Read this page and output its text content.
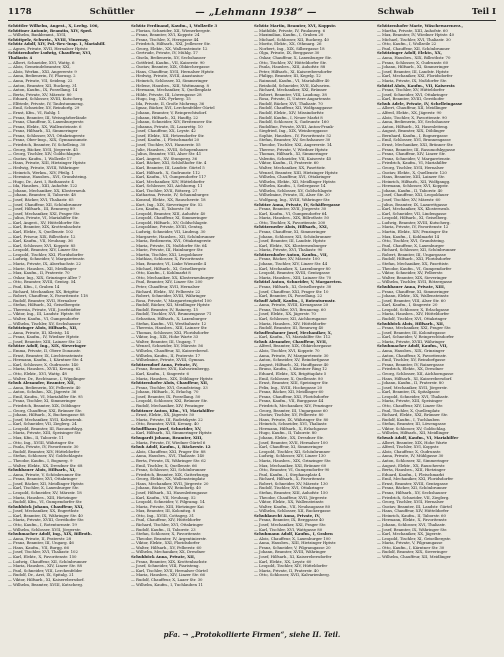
1178	Schüttler	— „Lehmann 1938“ —	Schwab	Teil I
Schüttler Wilhelm, Angest., X, Leebg. 106,
Schüttner Antonie, Beamtin, XIV, Sped.
— Wilhelm, Bankbeamt., XVII,
Schüttpelz, Schweiz., XVIII, Vinzenzg.
Schütz Adolf, XIV, Pol.-Rev.-Insp. 1, Mariahilf.
— Agnes, Private, XVII, Hernalser Hptstr.
Schützenhofer Ludwig, Chauffeur, XVI,
Thaliastr. 4
— Albert, Schneider, XVI, Wattg. 6
— Alois, Gemeindebeamter, XXI,
— Alois, Werkm., XXI, Angererstr. 9
— Anna, Bedienerin, IV, Phorusg. 2
— Anna, Private, VII, Seideng. 22
— Anton, Beamter, XII, Ruckerg. 31
— Anton, Kaufm., IX, Porzellang. 14
— Berta, Private, XV, Märzstr. 80
— Eduard, Schlosser, XVIII, Kutscherg.
— Elfriede, Private, IV, Taubstummeng.
— Emil, Schneider, XV, Reindorfg. 29
— Ernst, Kfm., VI, Rahlg. 1
— Franz, Beamter, III, Weissgärberlände
— Franz, Chauffeur, X, Laxenburgerstr.
— Franz, Elektr., XX, Wallensteinstr. 6
— Franz, Hilfsarb., XI, Simmeringer
— Franz, Schlosser, XVI, Ottakringerstr.
— Franz, Ober-Insp., XIX, Gymnasiumstr.
— Friedrich, Beamter, IV, Schelleing. 30
— Georg, Bäcker, XVII, Jörgerstr. 45
— Georg, Tischler, XIV, Goldschlagstr.
— Gustav, Kaufm., I, Wollzeile 17
— Hans, Private, XIII, Hietzinger Hptstr.
— Hedwig, Private, XVIII, Währinger
— Heinrich, Werkm., XIV, Pfeilg. 1
— Hermine, Hausbes., XVI, Grundsteing.
— Hugo, Dr., Arzt, I, Rathausstr. 4
— Ida, Hausbes., XIII, Auhofstr. 122
— Johann, Mechaniker, XX, Klosterneub.
— Johann, Beamter, II, Taborstr. 48
— Josef, Bäcker, XVI, Thaliastr. 65
— Josef, Chauffeur, XII, Schönbrunner
— Josef, Hilfsarb., III, Rennweg 89
— Josef, Mechaniker, XXI, Prager Str.
— Julius, Private, VI, Mariahilfer Str.
— Karl, Angest., XV, Hütteldorfer Str.
— Karl, Beamter, XIX, Krottenbachstr.
— Karl, Elektr., X, Quellenstr. 102
— Karl, Friseur, XIX, Billrothstr. 12
— Karl, Kaufm., VII, Neubaug. 36
— Karl, Schlosser, XVI, Koppstr. 85
— Leopold, Beamter, XIV, Linzer Str.
— Leopold, Tischler, XXI, Floridsdorfer
— Ludwig, Schneider, V, Margaretenstr.
— Maria, Private, IX, Alserbachstr. 22
— Marie, Hausbes., XII, Meidlinger
— Max, Kaufm., II, Praterstr. 70
— Oskar, Ing., XIX, Grinzinger Allee 7
— Otto, Beamter, XVIII, Gentzg. 54
— Paul, Kfm., I, Graben 14
— Richard, Mechaniker, XX, Brigitta-
— Robert, Chauffeur, X, Favoritenstr. 118
— Rudolf, Beamter, XVII, Hernalser
— Stefan, Hilfsarb., XI, Geiselbergstr.
— Theresia, Private, VIII, Josefstädter
— Viktor, Ing., III, Landstr. Hptstr. 98
— Walter, Kaufm., VI, Gumpendorfer
— Wilhelm, Tischler, XV, Sechshauser
Schützinger Alois, Hilfsarb., XII,
— Anna, Private, III, Kleistg. 14
— Franz, Kaufm., IV, Wiedner Hptstr.
— Josef, Beamter, XIII, Lainzer Str. 22
Schütze Adolf, Ing., XIX, Sieveringer
— Emma, Private, II, Obere Donaustr.
— Ernst, Beamter, IX, Liechtensteinstr.
— Hermann, Kaufm., I, Kärntner Str. 4
— Karl, Schlosser, X, Gudrunstr. 140
— Maria, Hausbes., XVIII, Kreuzg. 62
— Otto, Elektr., XVI, Wattg. 48
— Walter, Dr., Rechtsanw., I, Wipplinger
Schuh Alexander, Beamter, XII,
— Anna, Bedienerin, XV, Felberstr. 40
— Anton, Schuhm., XX, Jägerstr. 36
— Emil, Kaufm., VI, Mariahilfer Str. 95
— Franz, Tischler, XI, Simmeringer
— Friedrich, Beamter, XIX, Döblinger
— Georg, Chauffeur, XXI, Brünner Str.
— Johann, Hilfsarb., X, Buchengasse 88
— Josef, Mechaniker, XVII, Kalvarienb.
— Karl, Schneider, VII, Zieglerg. 24
— Leopold, Beamter, III, Rasumofskyg.
— Maria, Private, XIII, Speisinger Str.
— Max, Kfm., II, Taborstr. 11
— Otto, Ing., XVIII, Währinger Str.
— Paula, Private, IV, Favoritenstr. 30
— Rudolf, Beamter, XIV, Hütteldorfer
— Stefan, Schlosser, XV, Goldschlagstr.
— Theodor, Kaufm., I, Bognerg. 9
— Walter, Elektr., XX, Dresdner Str. 68
Schuhbauer Alois, Hilfsarb., XI,
— Anna, Private, V, Schönbrunner Str.
— Franz, Beamter, XVI, Ottakringer
— Josef, Bäcker, XII, Meidlinger Hptstr.
— Karl, Tischler, X, Laxenburger Str.
— Leopold, Schneider, XV, Märzstr. 18
— Maria, Hausbes., XIII, Hietzinger
— Rudolf, Kfm., VI, Gumpendorfer Str.
Schuhböck Johann, Chauffeur, XXI,
— Josef, Mechaniker, XX, Engerthstr.
— Karl, Beamter, IX, Währinger Str. 40
— Maria, Private, XVIII, Gersthofer Str.
— Otto, Kaufm., I, Rotenturmstr. 19
— Wilhelm, Schlosser, XVII, Jörgerstr.
Schuhmacher Adolf, Ing., XIX, Billroth.
— Anna, Private, II, Praterstr. 28
— Franz, Beamter, III, Ungarg. 46
— Hans, Kaufm., VII, Burgg. 66
— Josef, Tischler, XVI, Thaliastr. 102
— Karl, Elektr., X, Favoritenstr. 150
— Ludwig, Chauffeur, XII, Schönbrunner
— Maria, Hausbes., XIV, Linzer Str. 88
— Paul, Schneider, VIII, Lerchenfelder
— Rudolf, Dr., Arzt, IX, Spitalg. 21
— Viktor, Hilfsarb., XI, Kaiserebersdorf.
— Wilhelm, Beamter, XVIII, Kutscherg.
Schütz Ferdinand, Kaufm., I, Wollzeile 3
— Florian, Schneider, XII, Wienerbergstr.
— Franz, Beamter, XVI, Koppstr. 24
— Franz, Tischler, X, Herzgasse 44
— Friedrich, Hilfsarb., XXI, Jedleseer Str.
— Georg, Elektr., XX, Wallensteinstr. 12
— Gertrude, Private, IV, Mühlg. 17
— Gisela, Bedienerin, XV, Sechshauser
— Gottfried, Kaufm., VII, Kaiserstr. 90
— Gustav, Beamter, XIX, Obkirchergasse
— Hans, Chauffeur, XVII, Hernalser Hptstr.
— Hedwig, Private, XVIII, Anastasius-
— Heinrich, Schlosser, XI, Simmeringer
— Helene, Hausbes., XIII, Wattmanng. 8
— Hermann, Mechaniker, X, Quellenplatz
— Hilde, Private, III, Löwengasse 28
— Hugo, Ing., XIX, Pyrkerg. 15
— Ida, Private, II, Große Mohreng. 36
— Ignaz, Bäcker, XVI, Lerchenfelder Gürtel
— Johann, Beamter, V, Reinprechtsdorf.
— Johann, Hilfsarb., XI, Hauffg. 22
— Johann, Schneider, XIV, Breitenseer Str.
— Johanna, Private, IX, Lazarettg. 10
— Josef, Chauffeur, XX, Leystr. 42
— Josef, Elektr., XII, Hetzendorfer Str.
— Josef, Kaufm., I, Fleischmarkt 20
— Josef, Tischler, XVI, Hasnerstr. 55
— Julie, Hausbes., XVIII, Schopenhauer.
— Julius, Beamter, VIII, Alser Str. 41
— Karl, Angest., XV, Stumperg. 36
— Karl, Bäcker, XXI, Schloßhofer Str. 4
— Karl, Beamter, III, Landstr. Gürtel 5
— Karl, Hilfsarb., X, Gudrunstr. 112
— Karl, Kaufm., VI, Gumpendorfer 117
— Karl, Mechaniker, XIV, Hütteldorfer
— Karl, Schlosser, XII, Aichhorng. 11
— Karl, Tischler, XVII, Rötzerg. 27
— Katharina, Private, IV, Schaumburger.
— Konrad, Elektr., XX, Rauscherstr. 18
— Kurt, Ing., XIX, Sieveringer Str. 52
— Leo, Kaufm., II, Taborstr. 56
— Leopold, Beamter, XIII, Auhofstr. 40
— Leopold, Chauffeur, XI, Simmeringer
— Leopold, Hilfsarb., XV, Goldschlagstr.
— Leopoldine, Private, XVIII, Gentzg.
— Ludwig, Schneider, VII, Lindeng. 30
— Margarete, Hausbes., XII, Schönbrunner
— Maria, Bedienerin, XVI, Ottakringerstr.
— Maria, Private, IX, Nußdorfer Str. 64
— Marie, Private, III, Hainburger Str.
— Martin, Tischler, XXI, Leopoldauer
— Mathias, Schlosser, X, Favoritenstr.
— Max, Beamter, VI, Linke Wienzeile 4
— Michael, Hilfsarb., XI, Geiselbergstr.
— Otto, Kaufm., I, Kohlmarkt 8
— Otto, Mechaniker, XX, Klosterneuburger
— Paul, Beamter, XIV, Linzer Str. 200
— Peter, Chauffeur, XVII, Hernalser
— Richard, Elektr., XV, Felberstr. 22
— Robert, Schneider, XVIII, Währinger
— Rosa, Private, V, Margaretengürtel 100
— Rudolf, Bäcker, XII, Meidlinger Hptstr.
— Rudolf, Beamter, IV, Rainerg. 15
— Rudolf, Tischler, XVI, Brunnengasse 71
— Sebastian, Hilfsarb., X, Laxenburger
— Stefan, Kaufm., VII, Westbahnstr. 12
— Theresia, Hausbes., XIII, Lainzer Str.
— Thomas, Schlosser, XXI, Floridsdorfer
— Viktor, Ing., XIX, Hohe Warte 33
— Walter, Beamter, III, Ungarg. 7
— Wenzel, Schneider, XV, Märzstr. 56
— Wilhelm, Chauffeur, XI, Kaiserebersd.
— Wilhelm, Kaufm., II, Praterstr. 17
— Wilhelmine, Private, XVIII, Gymnas.
Schützendorf Anna, Private, IV,
— Franz, Beamter, XVII, Kalvarienbergg.
— Karl, Kaufm., I, Singerstr. 6
— Maria, Hausbes., XIX, Döblinger Hptstr.
Schützenhofer Alois, Chauffeur, XII,
— Franz, Tischler, XVI, Grundsteing. 33
— Johann, Hilfsarb., X, Erlachg. 70
— Josef, Beamter, IX, Porzellang. 50
— Leopold, Schlosser, XXI, Brünner Str.
— Rudolf, Mechaniker, XIV, Penzinger
Schützner Anton, Kfm., VI, Mariahilfer
— Ernst, Elektr., XX, Jägerstr. 50
— Maria, Private, III, Radetzkystr. 22
— Otto, Beamter, XVIII, Kreuzg. 40
Schufflhaus Josef, Schneider, XV,
— Karl, Hilfsarb., XI, Simmeringer Hptstr.
Schugardt Johann, Beamter, XIII,
— Maria, Private, IV, Wiedner Gürtel 6
Schuh Adolf, Kaufm., I, Bäckerstr. 12
— Alois, Chauffeur, XXI, Prager Str. 88
— Anna, Hausbes., XVI, Thaliastr. 140
— Berta, Private, IX, Währinger Str. 62
— Emil, Tischler, X, Quellenstr. 66
— Franz, Schlosser, XII, Schönbrunner
— Friedrich, Beamter, XIX, Gatterburgg.
— Georg, Elektr., XX, Wallensteinplatz
— Hans, Mechaniker, XVII, Jörgerstr. 20
— Johann, Bäcker, XV, Reindorfg. 40
— Josef, Hilfsarb., XI, Hasenleitengasse
— Karl, Kaufm., VII, Neubaug. 52
— Leopold, Schneider, V, Pilgramg. 14
— Maria, Private, XIII, Hietzinger Kai
— Max, Beamter, III, Kolonitzg. 8
— Otto, Ing., XVIII, Cottageg. 31
— Paul, Chauffeur, XIV, Hütteldorfer
— Richard, Tischler, XVI, Ottakringer
— Rudolf, Kaufm., II, Taborstr. 23
— Stefan, Schlosser, X, Favoritenstr.
— Theodor, Beamter, IV, Argentinierstr.
— Viktor, Elektr., XXI, Floridsdorfer
— Walter, Hilfsarb., XV, Felberstr. 60
— Wilhelm, Mechaniker, XX, Dresdner
Schuhböck Anna, Private, XII,
— Franz, Beamter, XIX, Krottenbachstr.
— Josef, Schneider, VIII, Piaristeng.
— Karl, Tischler, XVII, Hernalser Gürtel
— Maria, Hausbes., XIV, Linzer Str. 66
— Rudolf, Chauffeur, X, Laaer Str. 30
— Wilhelm, Kaufm., I, Tuchlauben 11
Schütz Martin, Beamter, XVI, Koppstr.
— Mathilde, Private, IV, Paulanerg. 6
— Maximilian, Kaufm., I, Graben 20
— Michael, Schlosser, XII, Ruckerg. 40
— Moritz, Elektr., XX, Othmarg. 26
— Norbert, Ing., XIX, Silbergasse 18
— Olga, Private, IX, Berggasse 30
— Oskar, Chauffeur, X, Laxenburger Str.
— Otto, Tischler, XV, Hütteldorfer Str.
— Paula, Hausbes., XIII, Auhofstr. 88
— Peter, Hilfsarb., XI, Kaiserebersdorfer
— Philipp, Beamter, III, Kegelg. 12
— Raimund, Kaufm., VI, Mariahilfer 40
— Reinhold, Schneider, XVII, Kalvarien.
— Richard, Mechaniker, XXI, Brünner
— Robert, Beamter, VIII, Laudong. 38
— Rosa, Private, II, Untere Augartenstr.
— Rudolf, Bäcker, XVI, Thaliastr. 70
— Rudolf, Chauffeur, XII, Wolfganggasse
— Rudolf, Elektr., XIV, Missindorfstr.
— Rudolf, Kaufm., I, Neuer Markt 8
— Rudolf, Schlosser, X, Gudrunstr. 160
— Rudolfine, Private, XVIII, Anton-Frank-
— Siegfried, Ing., XIX, Weinberggasse
— Sophie, Hausbes., IV, Favoritenstr. 52
— Stefan, Beamter, XV, Sechshauser 30
— Theodor, Tischler, XXI, Angererstr. 14
— Therese, Private, V, Wiedner Hptstr.
— Thomas, Hilfsarb., XI, Simmeringer
— Valentin, Schneider, VII, Kaiserstr. 45
— Viktor, Kaufm., II, Praterstr. 60
— Walter, Mechaniker, XX, Pasettistr.
— Wenzel, Beamter, XIII, Hietzinger Hptstr.
— Wilhelm, Chauffeur, XVI, Ottakringer
— Wilhelm, Elektr., XII, Meidlinger Hptstr.
— Wilhelm, Kaufm., I, Seilergasse 14
— Wilhelm, Schlosser, XV, Goldschlagstr.
— Wilhelmine, Private, IX, Alser Str. 20
— Wolfgang, Ing., XVIII, Währinger Str.
Schütze Anna, Private, IV, Schäffergasse
— Franz, Beamter, XVII, Jörgerstr. 30
— Karl, Kaufm., VI, Gumpendorfer 64
— Maria, Hausbes., XIX, Billrothstr. 50
— Otto, Tischler, X, Favoritenstr. 200
Schützeneder Alois, Hilfsarb., XXI,
— Franz, Chauffeur, XI, Simmeringer
— Johann, Schlosser, XII, Schönbrunner
— Josef, Beamter, III, Landstr. Hptstr.
— Karl, Elektr., XX, Klosterneuburger
— Maria, Private, XVI, Thaliastr. 90
Schützenhofer Anton, Kaufm., VII,
— Franz, Bäcker, XV, Märzstr. 100
— Johann, Tischler, XIV, Linzer Str. 44
— Karl, Mechaniker, X, Laxenburger 80
— Leopold, Beamter, XVIII, Gentzgasse
— Maria, Hausbes., XIII, Lainzer Str. 70
Schützl Anton, Schneider, V, Margareten.
— Franz, Hilfsarb., XI, Geiselbergstr. 30
— Josef, Chauffeur, XXI, Prager Str. 10
— Karl, Beamter, IX, Porzellang. 22
Schuff Adolf, Kaufm., I, Rotenturmstr.
— Anna, Private, XVIII, Kreuzgasse 20
— Franz, Tischler, XVI, Brunneng. 60
— Josef, Elektr., XX, Jägerstr. 70
— Karl, Schlosser, XII, Aichhorngasse
— Maria, Hausbes., XIV, Hütteldorfer
— Rudolf, Beamter, III, Rennweg 40
Schuffenhauer Josef, Mechaniker, X,
— Karl, Kaufm., VI, Mariahilfer Str. 112
Schuh Alexander, Chauffeur, XVII,
— Alfred, Beamter, XIX, Obkirchergasse
— Alois, Tischler, XVI, Koppstr. 70
— Anna, Private, IV, Margaretenstr. 30
— Anton, Schneider, XV, Reindorfgasse
— August, Hilfsarb., XI, Hauffgasse 40
— Bruno, Kaufm., I, Kärntner Ring 12
— Eduard, Elektr., XX, Brigittaplatz 5
— Emil, Schlosser, X, Quellenstr. 80
— Ernst, Beamter, XIII, Speisinger Str.
— Felix, Ing., XVIII, Hockegasse 20
— Franz, Bäcker, XII, Meidlinger 60
— Franz, Chauffeur, XXI, Floridsdorfer
— Franz, Kaufm., VII, Burggasse 44
— Friedrich, Mechaniker, XIV, Penzinger
— Georg, Beamter, III, Ungargasse 60
— Gustav, Tischler, XV, Felberstr. 80
— Hans, Private, IX, Währinger Str. 80
— Heinrich, Schneider, XVI, Thaliastr.
— Hermann, Hilfsarb., X, Erlachgasse
— Hugo, Kaufm., II, Taborstr. 80
— Johann, Elektr., XX, Dresdner Str.
— Josef, Beamter, XVII, Hernalser 100
— Karl, Chauffeur, XI, Simmeringer
— Leopold, Tischler, XII, Schönbrunner
— Ludwig, Schlosser, XIV, Linzer 130
— Maria, Hausbes., XIX, Grinzinger Str.
— Max, Mechaniker, XXI, Brünner 60
— Otto, Beamter, VI, Gumpendorfer 90
— Paul, Kaufm., I, Stephansplatz 4
— Richard, Hilfsarb., X, Favoritenstr.
— Robert, Schneider, XV, Märzstr. 130
— Rudolf, Tischler, XVI, Ottakringer
— Stefan, Beamter, XIII, Auhofstr. 150
— Theodor, Chauffeur, XVII, Jörgerstr.
— Viktor, Elektr., XX, Wallensteinstr.
— Walter, Kaufm., VII, Neubaugasse 80
— Wilhelm, Schlosser, XII, Ruckergasse
Schuhknecht Anna, Private, IV,
— Franz, Beamter, IX, Berggasse 40
— Josef, Mechaniker, XXI, Prager Str.
— Karl, Tischler, XVI, Wattgasse 80
Schuhmann Adolf, Kaufm., I, Graben
— Alois, Chauffeur, X, Laxenburger 100
— Anna, Hausbes., XIII, Hietzinger Hptstr.
— Franz, Schneider, V, Pilgramgasse 20
— Johann, Beamter, XVIII, Währinger
— Josef, Hilfsarb., XI, Kaiserebersdorfer
— Karl, Elektr., XX, Leystr. 60
— Leopold, Tischler, XIV, Hütteldorfer
— Maria, Private, II, Praterstr. 40
— Otto, Schlosser, XVII, Kalvarienberg.
Schützenhofer Marie, Wäschewarenerz.,
— Martha, Private, XIII, Auhofstr. 60
— Max, Beamter, IV, Wiedner Hptstr. 40
— Michael, Tischler, XVI, Thaliastr. 30
— Otto, Kaufm., I, Wollzeile 22
— Paul, Chauffeur, XII, Schönbrunner
Schützinger Adolf, Elektr., XX,
— Anna, Hausbes., XIX, Billrothstr. 70
— Franz, Schlosser, X, Gudrunstr. 60
— Johann, Hilfsarb., XI, Simmeringer
— Josef, Beamter, III, Landstr. Hptstr.
— Karl, Mechaniker, XXI, Floridsdorfer
— Maria, Private, IX, Nußdorfer Str.
Schützl Alois, Kaufm., VII, Kaiserstr.
— Franz, Tischler, XV, Hütteldorfer
— Josef, Schneider, XVI, Ottakringer
— Karl, Beamter, XVIII, Gersthofer
Schuh Adele, Private, IV, Schelleingasse
— Albert, Chauffeur, XII, Meidlinger
— Alfred, Elektr., XX, Jägerstr. 90
— Alois, Tischler, X, Favoritenstr. 90
— Anna, Bedienerin, XV, Sechshauser
— Anton, Hilfsarb., XI, Hasenleiteng.
— August, Beamter, XIX, Döblinger
— Bernhard, Kaufm., I, Bognergasse
— Emil, Schlosser, XVI, Brunnengasse
— Ernst, Mechaniker, XXI, Brünner Str.
— Franz, Beamter, III, Rasumofskygasse
— Franz, Chauffeur, XIV, Linzer Str.
— Franz, Schneider, V, Margaretenstr.
— Friedrich, Kaufm., VI, Mariahilfer
— Georg, Tischler, XVII, Hernalser
— Gustav, Elektr., X, Quellenstr. 120
— Hans, Beamter, XIII, Lainzer Str.
— Heinrich, Hilfsarb., XII, Wolfgangg.
— Hermann, Schlosser, XVI, Koppstr.
— Johann, Kaufm., II, Taborstr. 40
— Josef, Chauffeur, XXI, Leopoldauer
— Josef, Tischler, XV, Märzstr. 60
— Julius, Beamter, IX, Lazarettgasse
— Karl, Mechaniker, XX, Klosterneub.
— Karl, Schneider, VII, Lindengasse
— Leopold, Hilfsarb., XI, Geiselberg.
— Ludwig, Beamter, XVIII, Kutscherg.
— Maria, Private, IV, Favoritenstr. 12
— Martin, Elektr., XIV, Penzinger Str.
— Max, Kaufm., I, Kohlmarkt 14
— Otto, Tischler, XVI, Grundsteing.
— Paul, Chauffeur, X, Laxenburger
— Richard, Schlosser, XII, Schönbrunner
— Robert, Beamter, III, Ungargasse
— Rudolf, Hilfsarb., XXI, Floridsdorfer
— Stefan, Mechaniker, XX, Pasettistr.
— Theodor, Kaufm., VI, Gumpendorfer
— Viktor, Schneider, XV, Felberstr.
— Walter, Beamter, XIX, Sieveringer
— Wilhelm, Tischler, XVII, Rötzergasse
Schuhbauer Anna, Private, XIII,
— Franz, Chauffeur, XI, Simmeringer
— Johann, Elektr., XX, Wallensteinstr.
— Josef, Beamter, VIII, Alser Str. 60
— Karl, Kaufm., I, Singerstr. 20
— Leopold, Schlosser, X, Erlachgasse
— Maria, Hausbes., XIV, Hütteldorfer
— Rudolf, Tischler, XVI, Ottakringer
Schuhböck Alois, Hilfsarb., XII,
— Franz, Mechaniker, XXI, Prager Str.
— Josef, Beamter, III, Kolonitzgasse
— Karl, Schneider, V, Reinprechtsdorfer
— Maria, Private, XVIII, Währinger
Schuhmacher Adolf, Kaufm., VII,
— Anna, Hausbes., XIX, Grinzinger
— Anton, Chauffeur, X, Favoritenstr.
— Emil, Tischler, XV, Reindorfgasse
— Franz, Beamter, IV, Rainergasse
— Friedrich, Elektr., XX, Dresdner
— Georg, Schlosser, XII, Aichhorngasse
— Hans, Hilfsarb., XI, Kaiserebersdorf.
— Johann, Kaufm., II, Praterstr. 80
— Josef, Mechaniker, XVII, Jörgerstr.
— Karl, Beamter, IX, Spitalgasse
— Leopold, Schneider, XVI, Thaliastr.
— Maria, Private, XIII, Speisinger
— Otto, Chauffeur, XIV, Linzer Str.
— Paul, Tischler, X, Quellenplatz
— Richard, Elektr., XXI, Brünner Str.
— Rudolf, Kaufm., I, Tuchlauben
— Stefan, Beamter, III, Löwengasse
— Viktor, Schlosser, XV, Goldschlag.
— Wilhelm, Hilfsarb., XII, Meidlinger
Schwab Adolf, Kaufm., VI, Mariahilfer
— Albert, Beamter, XIX, Hohe Warte
— Alfred, Tischler, XVI, Koppstr.
— Alois, Chauffeur, X, Gudrunstr.
— Anna, Private, IV, Mühlgasse 30
— Anton, Schlosser, XI, Simmeringer
— August, Elektr., XX, Rauscherstr.
— Berta, Hausbes., XIII, Hietzinger
— Eduard, Kaufm., I, Fleischmarkt
— Emil, Mechaniker, XXI, Floridsdorfer
— Ernst, Beamter, XVIII, Gentzgasse
— Franz, Bäcker, XII, Schönbrunner
— Franz, Hilfsarb., XV, Sechshauser
— Friedrich, Schneider, VII, Zieglerg.
— Georg, Tischler, XVII, Hernalser
— Gustav, Beamter, III, Landstr. Gürtel
— Hans, Chauffeur, XIV, Hütteldorfer
— Heinrich, Kaufm., II, Taborstr. 60
— Hermann, Elektr., X, Favoritenstr.
— Johann, Schlosser, XVI, Thaliastr.
— Josef, Beamter, IX, Währinger Str.
— Karl, Mechaniker, XX, Jägerstr.
— Leopold, Tischler, XI, Geiselbergstr.
— Maria, Private, V, Pilgramgasse
— Otto, Kaufm., I, Kärntner Str. 30
— Rudolf, Beamter, XIX, Sieveringer
— Wilhelm, Chauffeur, XII, Meidlinger
pFa. → „Protokollierte Firmen“, siehe II. Teil.
